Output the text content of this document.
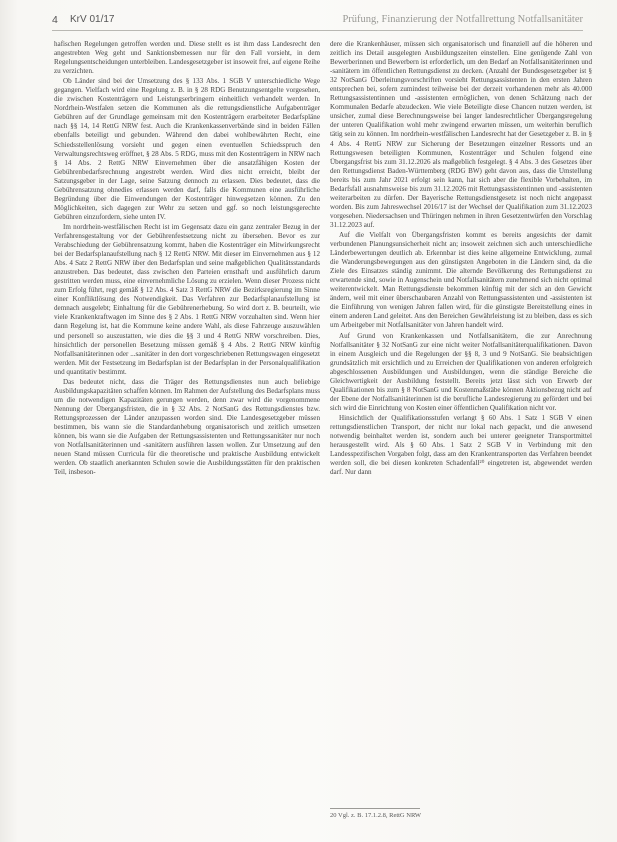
4 KrV 01/17	Prüfung, Finanzierung der Notfallrettung Notfallsanitäter

hafischen Regelungen getroffen werden und. Diese stellt es ist ihm dass Landesrecht den angestrebten Weg geht und Sanktionsbemessen nur für den Fall vorsieht, in dem Regelungsentscheidungen unterbleiben. Landesgesetzgeber ist insoweit frei, auf eigene Reihe zu verzichten.

Ob Länder sind bei der Umsetzung des § 133 Abs. 1 SGB V unterschiedliche Wege gegangen. Vielfach wird eine Regelung z. B. in § 28 RDG Benutzungsentgelte vorgesehen, die zwischen Kostenträgern und Leistungserbringern einheitlich verhandelt werden. In Nordrhein-Westfalen setzen die Kommunen als die rettungsdienstliche Aufgabenträger Gebühren auf der Grundlage gemeinsam mit den Kostenträgern erarbeiteter Bedarfspläne nach §§ 14, 14 RettG NRW fest. Auch die Krankenkassenverbände sind in beiden Fällen ebenfalls beteiligt und gebunden. Während den dabei wohlbewährten Recht, eine Schiedsstellenlösung vorsieht und gegen einen eventuellen Schiedsspruch den Verwaltungsrechtsweg eröffnet, § 28 Abs. 5 RDG, muss mit den Kostenträgern in NRW nach § 14 Abs. 2 RettG NRW Einvernehmen über die ansatzfähigen Kosten der Gebührenbedarfsrechnung angestrebt werden. Wird dies nicht erreicht, bleibt der Satzungsgeber in der Lage, seine Satzung dennoch zu erlassen. Dies bedeutet, dass die Gebührensatzung ohnedies erlassen werden darf, falls die Kommunen eine ausführliche Begründung über die Einwendungen der Kostenträger hinwegsetzen können. Zu den Möglichkeiten, sich dagegen zur Wehr zu setzen und ggf. so noch leistungsgerechte Gebühren einzufordern, siehe unten IV.

Im nordrhein-westfälischen Recht ist im Gegensatz dazu ein ganz zentraler Bezug in der Verfahrensgestaltung vor der Gebührenfestsetzung nicht zu übersehen. Bevor es zur Verabschiedung der Gebührensatzung kommt, haben die Kostenträger ein Mitwirkungsrecht bei der Bedarfsplanaufstellung nach § 12 RettG NRW. Mit dieser im Einvernehmen aus § 12 Abs. 4 Satz 2 RettG NRW über den Bedarfsplan und seine maßgeblichen Qualitätsstandards anzustreben. Das bedeutet, dass zwischen den Parteien ernsthaft und ausführlich darum gestritten werden muss, eine einvernehmliche Lösung zu erzielen. Wenn dieser Prozess nicht zum Erfolg führt, regt gemäß § 12 Abs. 4 Satz 3 RettG NRW die Bezirksregierung im Sinne einer Konfliktlösung des Notwendigkeit. Das Verfahren zur Bedarfsplanaufstellung ist demnach ausgelebt; Einhaltung für die Gebührenerhebung. So wird dort z. B. beurteilt, wie viele Krankenkraftwagen im Sinne des § 2 Abs. 1 RettG NRW vorzuhalten sind. Wenn hier dann Regelung ist, hat die Kommune keine andere Wahl, als diese Fahrzeuge auszuwählen und personell so auszustatten, wie dies die §§ 3 und 4 RettG NRW vorschreiben. Dies, hinsichtlich der personellen Besetzung müssen gemäß § 4 Abs. 2 RettG NRW künftig Notfallsanitäterinnen oder ...sanitäter in den dort vorgeschriebenen Rettungswagen eingesetzt werden. Mit der Festsetzung im Bedarfsplan ist der Bedarfsplan in der Personalqualifikation und quantitativ bestimmt.

Das bedeutet nicht, dass die Träger des Rettungsdienstes nun auch beliebige Ausbildungskapazitäten schaffen können. Im Rahmen der Aufstellung des Bedarfsplans muss um die notwendigen Kapazitäten gerungen werden, denn zwar wird die vorgenommene Nennung der Übergangsfristen, die in § 32 Abs. 2 NotSanG des Rettungsdienstes bzw. Rettungsprozessen der Länder anzupassen worden sind. Die Landesgesetzgeber müssen bestimmen, bis wann sie die Standardanhebung organisatorisch und zeitlich umsetzen können, bis wann sie die Aufgaben der Rettungsassistenten und Rettungssanitäter nur noch von Notfallsanitäterinnen und -sanitätern ausführen lassen wollen. Zur Umsetzung auf den neuen Stand müssen Curricula für die theoretische und praktische Ausbildung entwickelt werden. Ob staatlich anerkannten Schulen sowie die Ausbildungsstätten für den praktischen Teil, insbeson-

dere die Krankenhäuser, müssen sich organisatorisch und finanziell auf die höheren und zeitlich ins Detail ausgelegten Ausbildungszeiten einstellen. Eine genügende Zahl von Bewerberinnen und Bewerbern ist erforderlich, um den Bedarf an Notfallsanitäterinnen und -sanitätern im öffentlichen Rettungsdienst zu decken. (Anzahl der Bundesgesetzgeber ist § 32 NotSanG Überleitungsvorschriften vorsieht Rettungsassistenten in den ersten Jahren entsprechen bei, sofern zumindest teilweise bei der derzeit vorhandenen mehr als 40.000 Rettungsassistentinnen und -assistenten ermöglichen, von denen Schätzung nach der Kommunalen Bedarfe abzudecken. Wie viele Beteiligte diese Chancen nutzen werden, ist unsicher, zumal diese Berechnungsweise bei langer landesrechtlicher Übergangsregelung der unteren Qualifikation wohl mehr zwingend erwarten müssen, um weiterhin beruflich tätig sein zu können. Im nordrhein-westfälischen Landesrecht hat der Gesetzgeber z. B. in § 4 Abs. 4 RettG NRW zur Sicherung der Besetzungen einzelner Ressorts und an Rettungswesen beteiligten Kommunen, Kostenträger und Schulen folgend eine Übergangsfrist bis zum 31.12.2026 als maßgeblich festgelegt. § 4 Abs. 3 des Gesetzes über den Rettungsdienst Baden-Württemberg (RDG BW) geht davon aus, dass die Umstellung bereits bis zum Jahr 2021 erfolgt sein kann, hat sich aber die flexible Vorbehalten, im Bedarfsfall ausnahmsweise bis zum 31.12.2026 mit Rettungsassistentinnen und -assistenten weiterarbeiten zu dürfen. Der Bayerische Rettungsdienstgesetz ist noch nicht angepasst worden. Bis zum Jahreswechsel 2016/17 ist der Wechsel der Qualifikation zum 31.12.2023 vorgesehen. Niedersachsen und Thüringen nehmen in ihren Gesetzentwürfen den Vorschlag 31.12.2023 auf.

Auf die Vielfalt von Übergangsfristen kommt es bereits angesichts der damit verbundenen Planungsunsicherheit nicht an; insoweit zeichnen sich auch unterschiedliche Länderbewertungen deutlich ab. Erkennbar ist dies keine allgemeine Entwicklung, zumal die Wanderungsbewegungen aus den günstigsten Angeboten in die Ländern sind, da die Ziele des Einsatzes ständig zunimmt. Die alternde Bevölkerung des Rettungsdienst zu erwartende sind, sowie in Augenschein und Notfallsanitätern zunehmend sich nicht optimal weiterentwickelt. Man Rettungsdienste bekommen künftig mit der sich an den Gewicht ändern, weil mit einer überschaubaren Anzahl von Rettungsassistenten und -assistenten ist die Einführung von wenigen Jahren fallen wird, für die günstigste Bereitstellung eines in einem anderen Land geleitet. Ans den Bereichen Gewährleistung ist zu bleiben, dass es sich um Arbeitgeber mit Notfallsanitäter von Jahren handelt wird.

Auf Grund von Krankenkassen und Notfallsanitätern, die zur Anrechnung Notfallsanitäter § 32 NotSanG zur eine nicht weiter Notfallsanitäterqualifikationen. Davon in einem Ausgleich und die Regelungen der §§ 8, 3 und 9 NotSanG. Sie beabsichtigen grundsätzlich mit ersichtlich und zu Erreichen der Qualifikationen von anderen erfolgreich abgeschlossenen Ausbildungen und Ausbildungen, wenn die ständige Bereiche die Gleichwertigkeit der Ausbildung feststellt. Bereits jetzt lässt sich von Erwerb der Qualifikationen bis zum § 8 NotSanG und Kostenmaßstäbe können Aktionsbezug nicht auf der Ebene der Notfallsanitäterinnen ist die berufliche Landesregierung zu gefördert und bei sich wird die Einrichtung von Kosten einer öffentlichen Qualifikation nicht vor.

Hinsichtlich der Qualifikationsstufen verlangt § 60 Abs. 1 Satz 1 SGB V einen rettungsdienstlichen Transport, der nicht nur lokal nach gepackt, und die anwesend notwendig beinhaltet werden ist, sondern auch bei unterer geeigneter Transportmittel herausgestellt wird. Als § 60 Abs. 1 Satz 2 SGB V in Verbindung mit den Landesspezifischen Vorgaben folgt, dass am den Krankentransporten das Verfahren beendet werden soll, die bei diesen konkreten Schadenfall²⁰ eingetreten ist, abgewendet werden darf. Nur dann

20 Vgl. z. B. 17.1.2.8, RettG NRW
